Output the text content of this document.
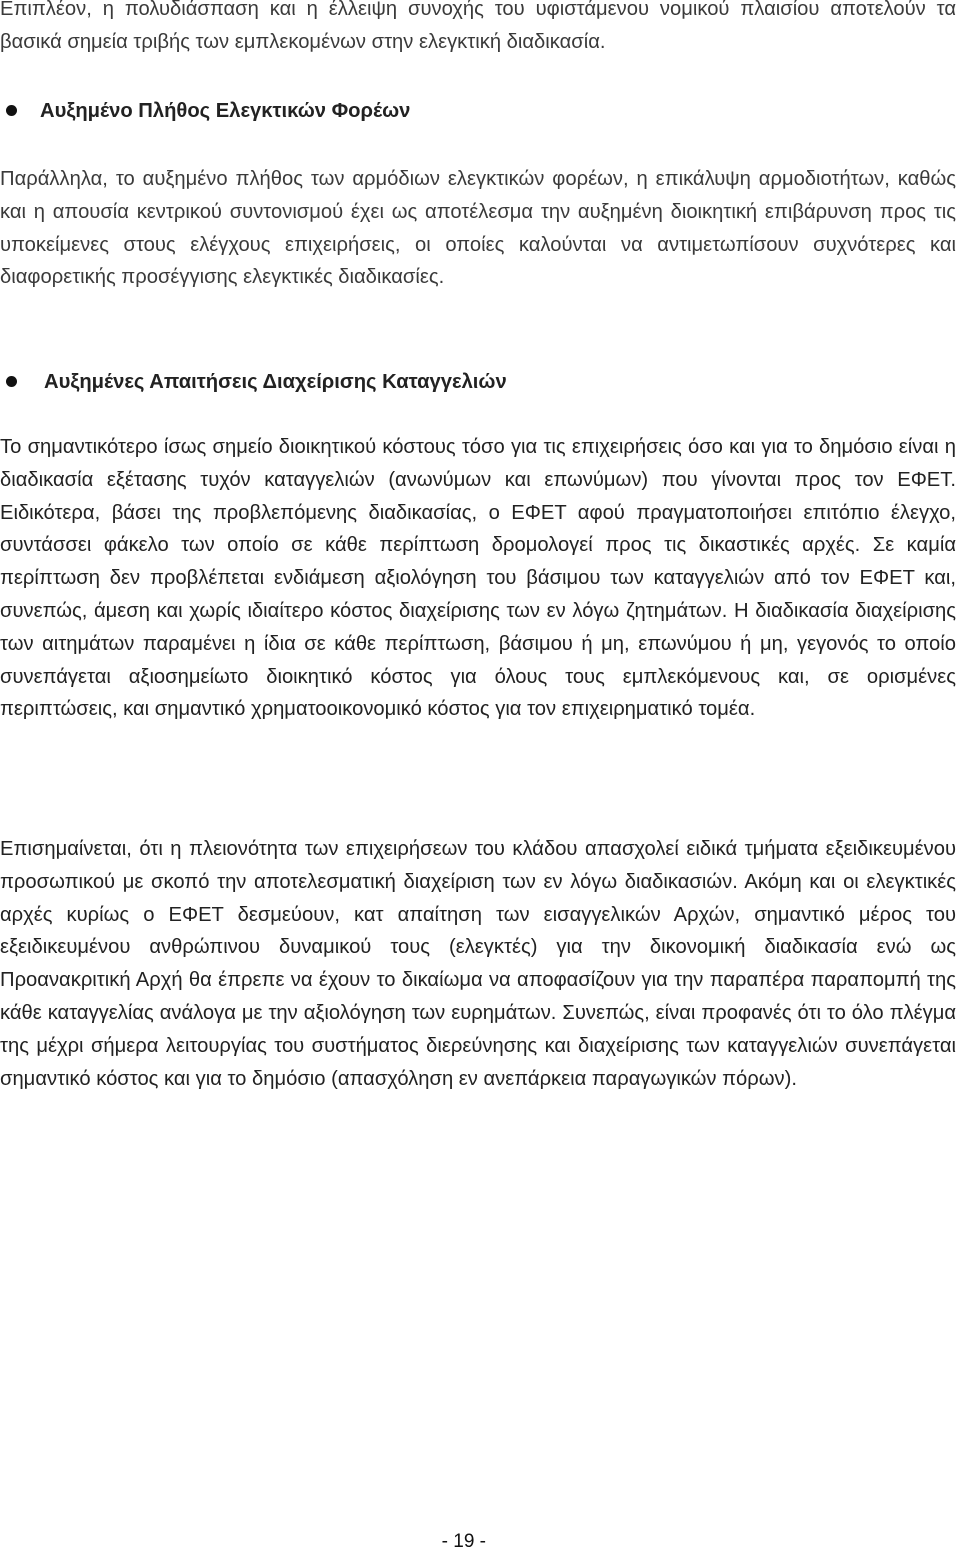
Επιπλέον, η πολυδιάσπαση και η έλλειψη συνοχής του υφιστάμενου νομικού πλαισίου αποτελούν τα βασικά σημεία τριβής των εμπλεκομένων στην ελεγκτική διαδικασία.

Αυξημένο Πλήθος Ελεγκτικών Φορέων

Παράλληλα, το αυξημένο πλήθος των αρμόδιων ελεγκτικών φορέων, η επικάλυψη αρμοδιοτήτων, καθώς και η απουσία κεντρικού συντονισμού έχει ως αποτέλεσμα την αυξημένη διοικητική επιβάρυνση προς τις υποκείμενες στους ελέγχους επιχειρήσεις, οι οποίες καλούνται να αντιμετωπίσουν συχνότερες και διαφορετικής προσέγγισης ελεγκτικές διαδικασίες.

Αυξημένες Απαιτήσεις Διαχείρισης Καταγγελιών

Το σημαντικότερο ίσως σημείο διοικητικού κόστους τόσο για τις επιχειρήσεις όσο και για το δημόσιο είναι η διαδικασία εξέτασης τυχόν καταγγελιών (ανωνύμων και επωνύμων) που γίνονται προς τον ΕΦΕΤ. Ειδικότερα, βάσει της προβλεπόμενης διαδικασίας, ο ΕΦΕΤ αφού πραγματοποιήσει επιτόπιο έλεγχο, συντάσσει φάκελο των οποίο σε κάθε περίπτωση δρομολογεί προς τις δικαστικές αρχές. Σε καμία περίπτωση δεν προβλέπεται ενδιάμεση αξιολόγηση του βάσιμου των καταγγελιών από τον ΕΦΕΤ και, συνεπώς, άμεση και χωρίς ιδιαίτερο κόστος διαχείρισης των εν λόγω ζητημάτων. Η διαδικασία διαχείρισης των αιτημάτων παραμένει η ίδια σε κάθε περίπτωση, βάσιμου ή μη, επωνύμου ή μη, γεγονός το οποίο συνεπάγεται αξιοσημείωτο διοικητικό κόστος για όλους τους εμπλεκόμενους και, σε ορισμένες περιπτώσεις, και σημαντικό χρηματοοικονομικό κόστος για τον επιχειρηματικό τομέα.

Επισημαίνεται, ότι η πλειονότητα των επιχειρήσεων του κλάδου απασχολεί ειδικά τμήματα εξειδικευμένου προσωπικού με σκοπό την αποτελεσματική διαχείριση των εν λόγω διαδικασιών. Ακόμη και οι ελεγκτικές αρχές κυρίως ο ΕΦΕΤ δεσμεύουν, κατ απαίτηση των εισαγγελικών Αρχών, σημαντικό μέρος του εξειδικευμένου ανθρώπινου δυναμικού τους (ελεγκτές) για την δικονομική διαδικασία ενώ ως Προανακριτική Αρχή θα έπρεπε να έχουν το δικαίωμα να αποφασίζουν για την παραπέρα παραπομπή της κάθε καταγγελίας ανάλογα με την αξιολόγηση των ευρημάτων. Συνεπώς, είναι προφανές ότι το όλο πλέγμα της μέχρι σήμερα λειτουργίας του συστήματος διερεύνησης και διαχείρισης των καταγγελιών συνεπάγεται σημαντικό κόστος και για το δημόσιο (απασχόληση εν ανεπάρκεια παραγωγικών πόρων).

- 19 -
